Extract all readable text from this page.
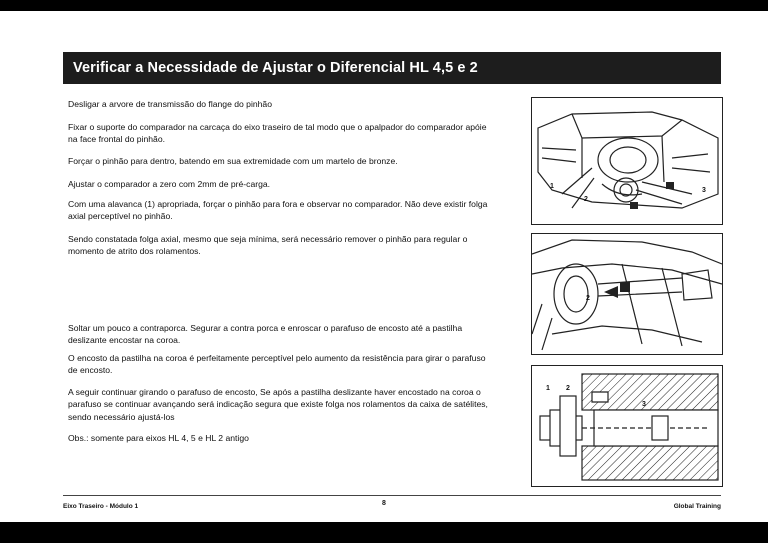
Verificar a Necessidade de Ajustar o Diferencial HL 4,5 e 2

Desligar a arvore de transmissão do flange do pinhão

Fixar o suporte do comparador na carcaça do eixo traseiro de tal modo que o apalpador do comparador apóie na face frontal do pinhão.

Forçar o pinhão para dentro, batendo em sua extremidade com um martelo de bronze.

Ajustar o comparador a zero com 2mm de pré-carga.

Com uma alavanca (1) apropriada, forçar o pinhão para fora e observar no comparador. Não deve existir folga axial perceptível no pinhão.

Sendo constatada folga axial, mesmo que seja mínima, será necessário remover o pinhão para regular o momento de atrito dos rolamentos.

Soltar um pouco a contraporca. Segurar a contra porca e enroscar o parafuso de encosto até a pastilha deslizante encostar na coroa.

O encosto da pastilha na coroa é perfeitamente perceptível pelo aumento da resistência para girar o parafuso de encosto.

A seguir continuar girando o parafuso de encosto, Se após a pastilha deslizante haver encostado na coroa o parafuso se continuar avançando será indicação segura que existe folga nos rolamentos da caixa de satélites, sendo necessário ajustá-los

Obs.: somente para eixos HL 4, 5 e HL 2 antigo

1
2
3
2
1 2
3
Eixo Traseiro - Módulo 1	8	Global Training
